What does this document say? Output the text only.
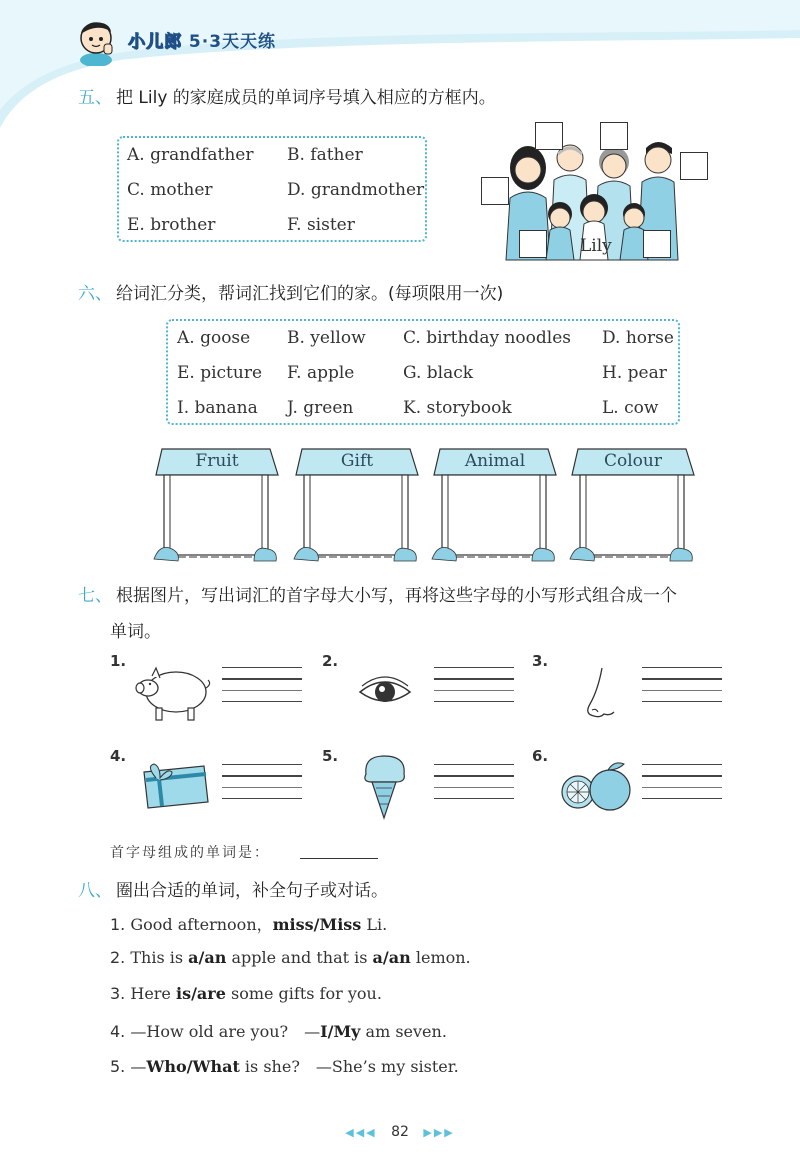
小儿郎 5·3天天练
五、 把 Lily 的家庭成员的单词序号填入相应的方框内。
A. grandfather B. father
C. mother	D. grandmother
E. brother	F. sister
Lily
六、 给词汇分类，帮词汇找到它们的家。(每项限用一次)
A. goose B. yellow C. birthday noodles D. horse
E. picture F. apple	G. black	H. pear
I. banana J. green	K. storybook	L. cow
Fruit	Gift	Animal	Colour
七、 根据图片，写出词汇的首字母大小写，再将这些字母的小写形式组合成一个
单词。
1.	2.	3.
4.	5.	6.
首字母组成的单词是：
八、 圈出合适的单词，补全句子或对话。
1. Good afternoon，miss/Miss Li.
2. This is a/an apple and that is a/an lemon.
3. Here is/are some gifts for you.
4. —How old are you?　—I/My am seven.
5. —Who/What is she?　—She’s my sister.
◀◀◀ 82 ▶▶▶
